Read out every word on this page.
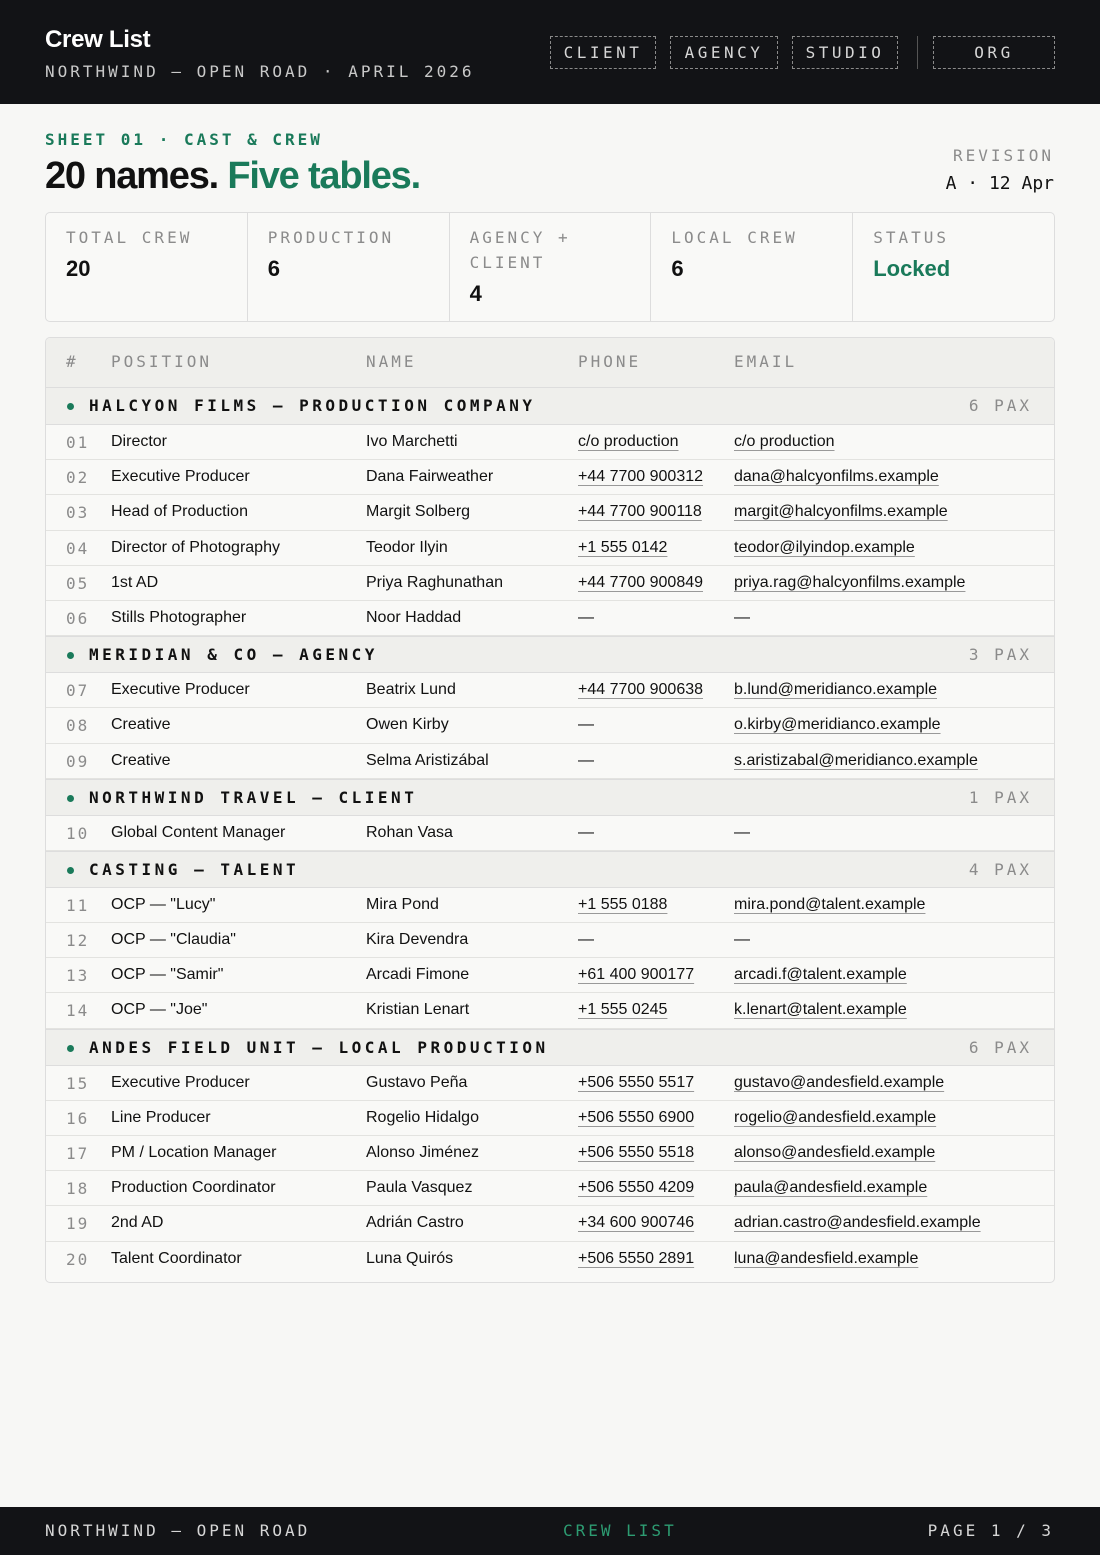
Crew List
NORTHWIND — OPEN ROAD · APRIL 2026
CLIENT	AGENCY	STUDIO	ORG
SHEET 01 · CAST & CREW
20 names. Five tables.	REVISION
A · 12 Apr
TOTAL CREW
20
PRODUCTION
6
AGENCY + CLIENT
4
LOCAL CREW
6
STATUS
Locked
# POSITION	NAME	PHONE	EMAIL
HALCYON FILMS — PRODUCTION COMPANY	6 PAX
01 Director	Ivo Marchetti	c/o production	c/o production
02 Executive Producer	Dana Fairweather	+44 7700 900312 dana@halcyonfilms.example
03 Head of Production	Margit Solberg	+44 7700 900118 margit@halcyonfilms.example
04 Director of Photography	Teodor Ilyin	+1 555 0142	teodor@ilyindop.example
05 1st AD	Priya Raghunathan	+44 7700 900849 priya.rag@halcyonfilms.example
06 Stills Photographer	Noor Haddad	—	—
MERIDIAN & CO — AGENCY	3 PAX
07 Executive Producer	Beatrix Lund	+44 7700 900638 b.lund@meridianco.example
08 Creative	Owen Kirby	—	o.kirby@meridianco.example
09 Creative	Selma Aristizábal	—	s.aristizabal@meridianco.example
NORTHWIND TRAVEL — CLIENT	1 PAX
10 Global Content Manager	Rohan Vasa	—	—
CASTING — TALENT	4 PAX
11 OCP — "Lucy"	Mira Pond	+1 555 0188	mira.pond@talent.example
12 OCP — "Claudia"	Kira Devendra	—	—
13 OCP — "Samir"	Arcadi Fimone	+61 400 900177 arcadi.f@talent.example
14 OCP — "Joe"	Kristian Lenart	+1 555 0245	k.lenart@talent.example
ANDES FIELD UNIT — LOCAL PRODUCTION	6 PAX
15 Executive Producer	Gustavo Peña	+506 5550 5517 gustavo@andesfield.example
16 Line Producer	Rogelio Hidalgo	+506 5550 6900 rogelio@andesfield.example
17 PM / Location Manager	Alonso Jiménez	+506 5550 5518 alonso@andesfield.example
18 Production Coordinator	Paula Vasquez	+506 5550 4209 paula@andesfield.example
19 2nd AD	Adrián Castro	+34 600 900746 adrian.castro@andesfield.example
20 Talent Coordinator	Luna Quirós	+506 5550 2891 luna@andesfield.example
NORTHWIND — OPEN ROAD	CREW LIST	PAGE 1 / 3
